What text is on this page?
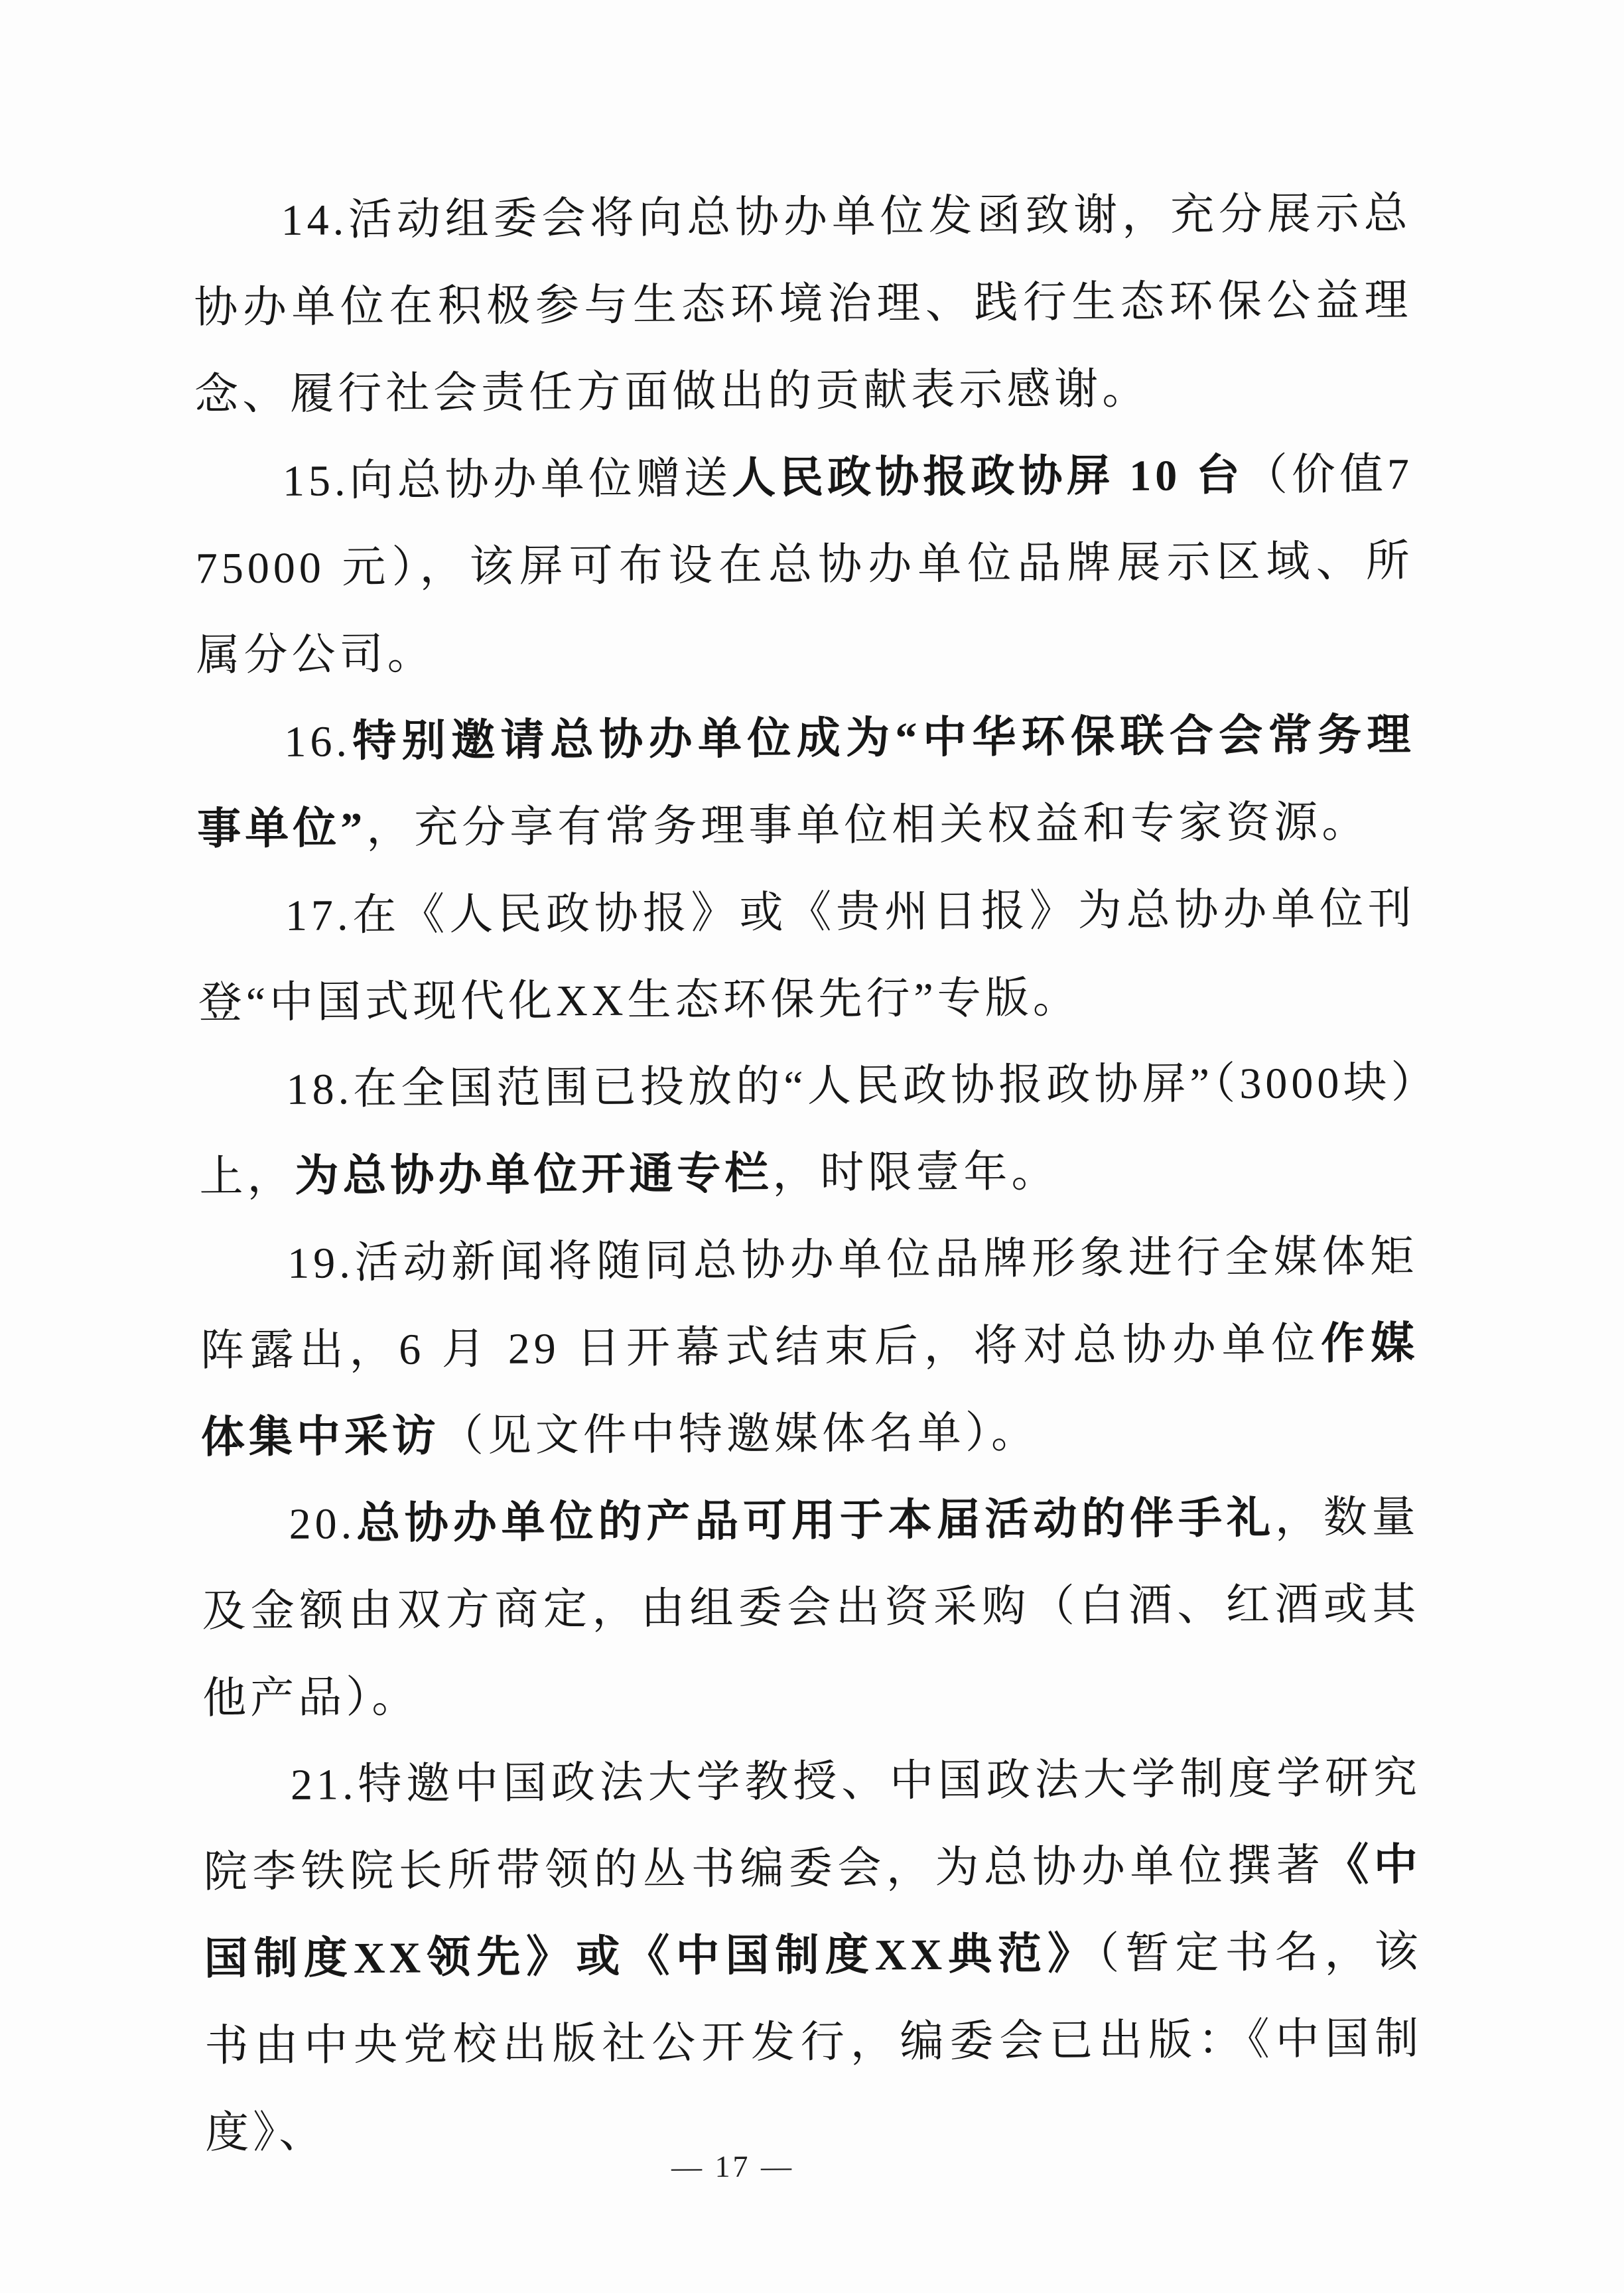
14.活动组委会将向总协办单位发函致谢，充分展示总协办单位在积极参与生态环境治理、践行生态环保公益理念、履行社会责任方面做出的贡献表示感谢。

15.向总协办单位赠送人民政协报政协屏 10 台（价值775000 元），该屏可布设在总协办单位品牌展示区域、所属分公司。

16.特别邀请总协办单位成为“中华环保联合会常务理事单位”，充分享有常务理事单位相关权益和专家资源。

17.在《人民政协报》或《贵州日报》为总协办单位刊登“中国式现代化XX生态环保先行”专版。

18.在全国范围已投放的“人民政协报政协屏”（3000块）上，为总协办单位开通专栏，时限壹年。

19.活动新闻将随同总协办单位品牌形象进行全媒体矩阵露出，6 月 29 日开幕式结束后，将对总协办单位作媒体集中采访（见文件中特邀媒体名单）。

20.总协办单位的产品可用于本届活动的伴手礼，数量及金额由双方商定，由组委会出资采购（白酒、红酒或其他产品）。

21.特邀中国政法大学教授、中国政法大学制度学研究院李铁院长所带领的丛书编委会，为总协办单位撰著《中国制度XX领先》或《中国制度XX典范》（暂定书名，该书由中央党校出版社公开发行，编委会已出版：《中国制度》、

— 17 —
